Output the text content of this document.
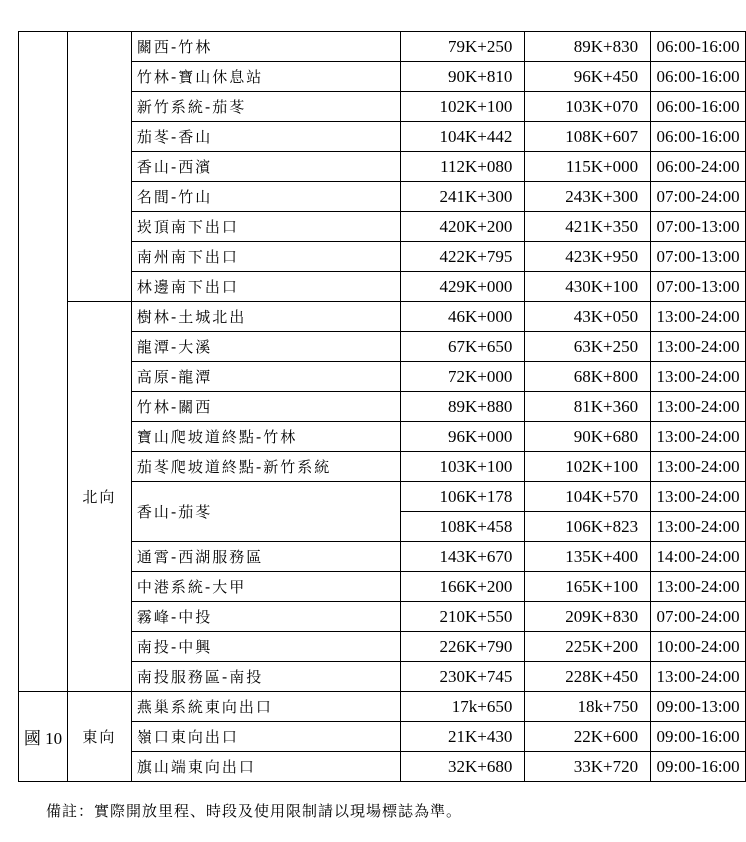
		關西-竹林	79K+250	89K+830	06:00-16:00
		竹林-寶山休息站	90K+810	96K+450	06:00-16:00
		新竹系統-茄苳	102K+100	103K+070	06:00-16:00
		茄苳-香山	104K+442	108K+607	06:00-16:00
		香山-西濱	112K+080	115K+000	06:00-24:00
		名間-竹山	241K+300	243K+300	07:00-24:00
		崁頂南下出口	420K+200	421K+350	07:00-13:00
		南州南下出口	422K+795	423K+950	07:00-13:00
		林邊南下出口	429K+000	430K+100	07:00-13:00
	北向	樹林-土城北出	46K+000	43K+050	13:00-24:00
		龍潭-大溪	67K+650	63K+250	13:00-24:00
		高原-龍潭	72K+000	68K+800	13:00-24:00
		竹林-關西	89K+880	81K+360	13:00-24:00
		寶山爬坡道終點-竹林	96K+000	90K+680	13:00-24:00
		茄苳爬坡道終點-新竹系統	103K+100	102K+100	13:00-24:00
		香山-茄苳	106K+178	104K+570	13:00-24:00
			108K+458	106K+823	13:00-24:00
		通霄-西湖服務區	143K+670	135K+400	14:00-24:00
		中港系統-大甲	166K+200	165K+100	13:00-24:00
		霧峰-中投	210K+550	209K+830	07:00-24:00
		南投-中興	226K+790	225K+200	10:00-24:00
		南投服務區-南投	230K+745	228K+450	13:00-24:00
國 10	東向	燕巢系統東向出口	17k+650	18k+750	09:00-13:00
		嶺口東向出口	21K+430	22K+600	09:00-16:00
		旗山端東向出口	32K+680	33K+720	09:00-16:00
備註：實際開放里程、時段及使用限制請以現場標誌為準。
